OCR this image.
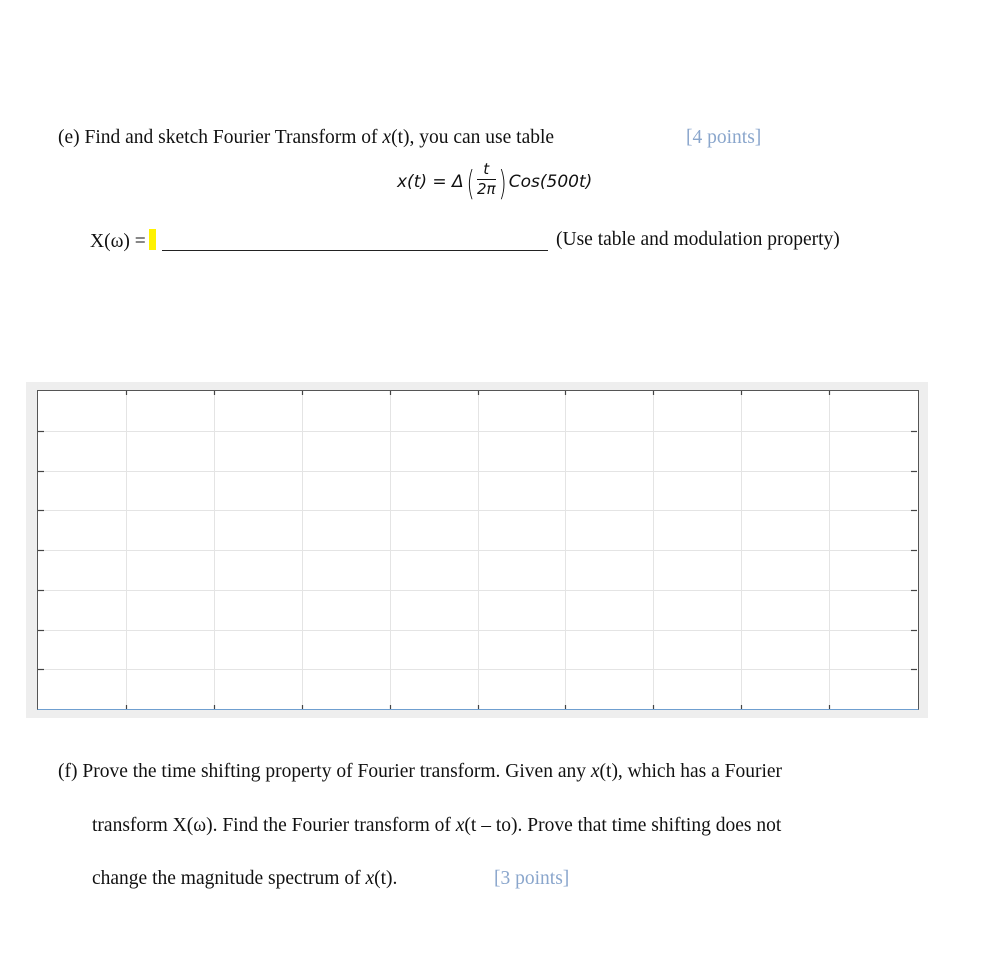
(e) Find and sketch Fourier Transform of x(t), you can use table	[4 points]
$x(t) = \Delta( \frac{t}{2\pi}$ ) Cos(500t)
X(ω) =	(Use table and modulation property)
(f) Prove the time shifting property of Fourier transform. Given any x(t), which has a Fourier
transform X(ω). Find the Fourier transform of x(t – to). Prove that time shifting does not
change the magnitude spectrum of x(t).	[3 points]
